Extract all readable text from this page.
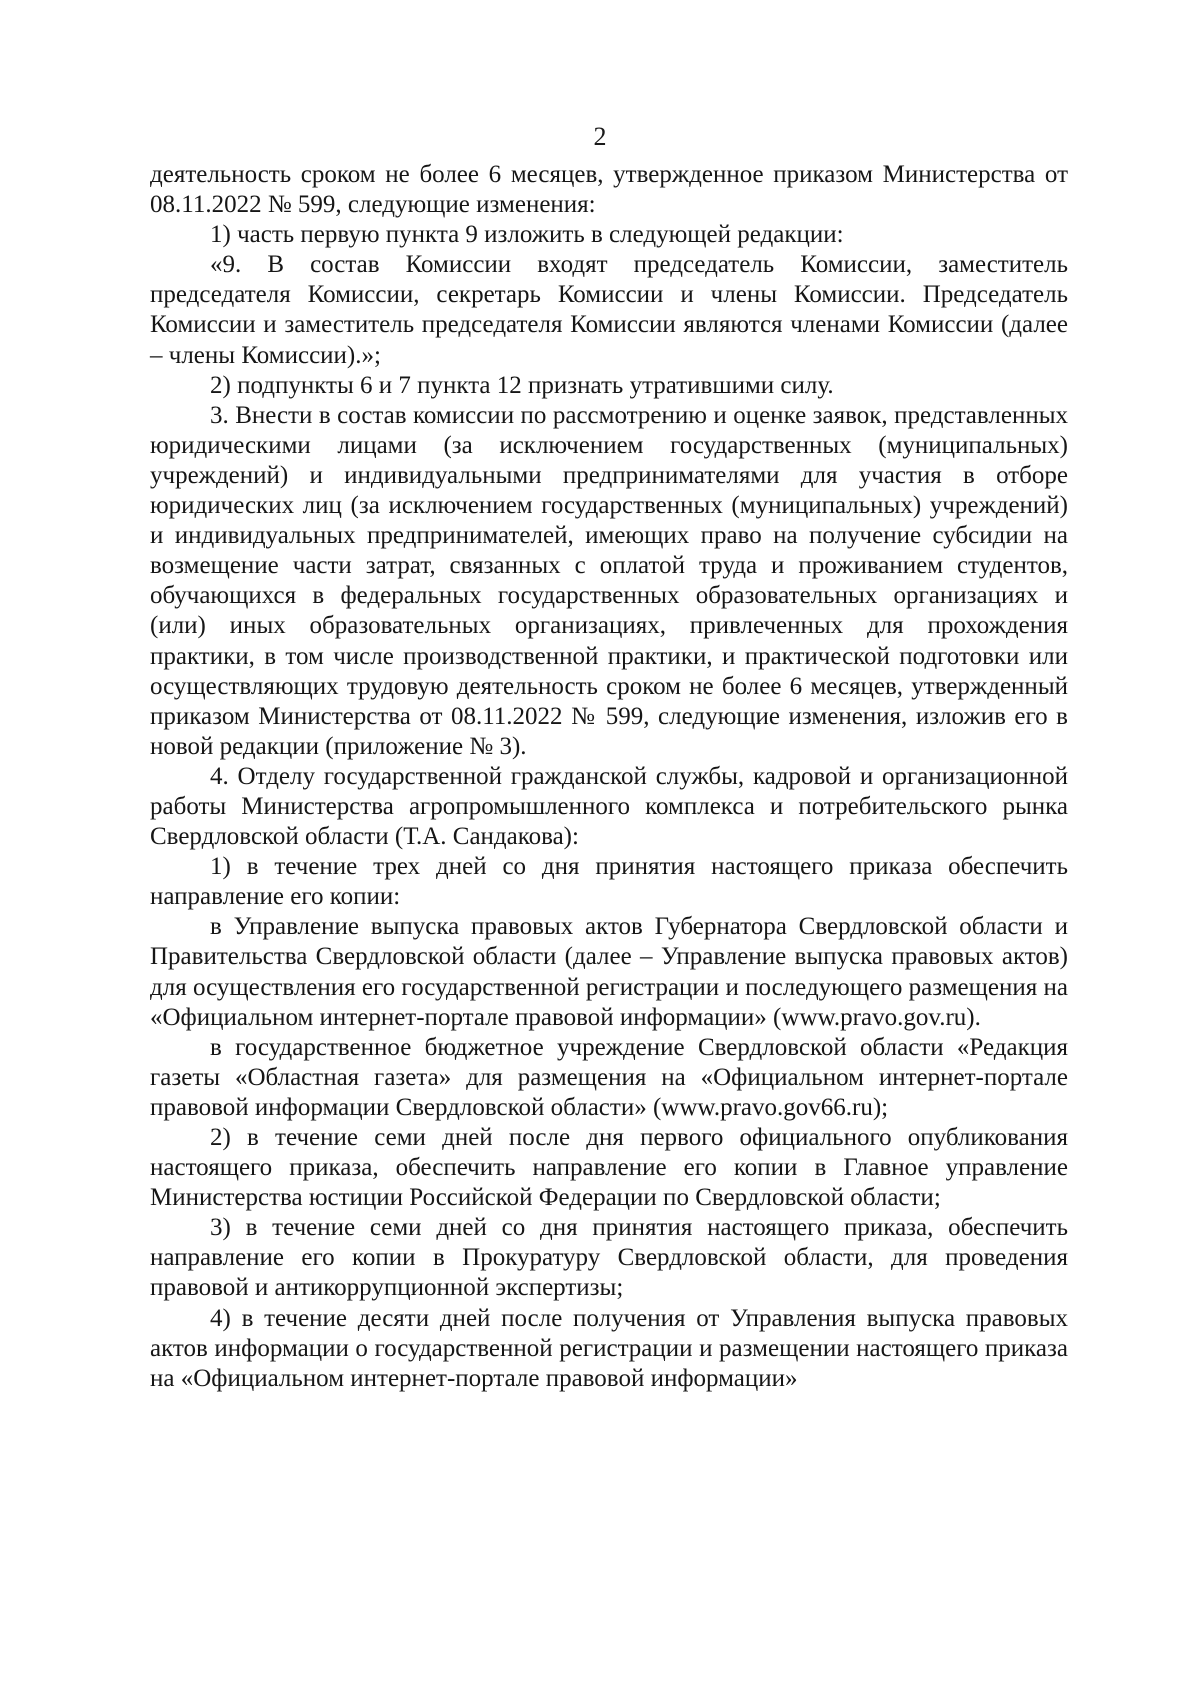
2

деятельность сроком не более 6 месяцев, утвержденное приказом Министерства от 08.11.2022 № 599, следующие изменения:

1) часть первую пункта 9 изложить в следующей редакции:

«9. В состав Комиссии входят председатель Комиссии, заместитель председателя Комиссии, секретарь Комиссии и члены Комиссии. Председатель Комиссии и заместитель председателя Комиссии являются членами Комиссии (далее – члены Комиссии).»;

2) подпункты 6 и 7 пункта 12 признать утратившими силу.

3. Внести в состав комиссии по рассмотрению и оценке заявок, представленных юридическими лицами (за исключением государственных (муниципальных) учреждений) и индивидуальными предпринимателями для участия в отборе юридических лиц (за исключением государственных (муниципальных) учреждений) и индивидуальных предпринимателей, имеющих право на получение субсидии на возмещение части затрат, связанных с оплатой труда и проживанием студентов, обучающихся в федеральных государственных образовательных организациях и (или) иных образовательных организациях, привлеченных для прохождения практики, в том числе производственной практики, и практической подготовки или осуществляющих трудовую деятельность сроком не более 6 месяцев, утвержденный приказом Министерства от 08.11.2022 № 599, следующие изменения, изложив его в новой редакции (приложение № 3).

4. Отделу государственной гражданской службы, кадровой и организационной работы Министерства агропромышленного комплекса и потребительского рынка Свердловской области (Т.А. Сандакова):

1) в течение трех дней со дня принятия настоящего приказа обеспечить направление его копии:

в Управление выпуска правовых актов Губернатора Свердловской области и Правительства Свердловской области (далее – Управление выпуска правовых актов) для осуществления его государственной регистрации и последующего размещения на «Официальном интернет-портале правовой информации» (www.pravo.gov.ru).

в государственное бюджетное учреждение Свердловской области «Редакция газеты «Областная газета» для размещения на «Официальном интернет-портале правовой информации Свердловской области» (www.pravo.gov66.ru);

2) в течение семи дней после дня первого официального опубликования настоящего приказа, обеспечить направление его копии в Главное управление Министерства юстиции Российской Федерации по Свердловской области;

3) в течение семи дней со дня принятия настоящего приказа, обеспечить направление его копии в Прокуратуру Свердловской области, для проведения правовой и антикоррупционной экспертизы;

4) в течение десяти дней после получения от Управления выпуска правовых актов информации о государственной регистрации и размещении настоящего приказа на «Официальном интернет-портале правовой информации»
